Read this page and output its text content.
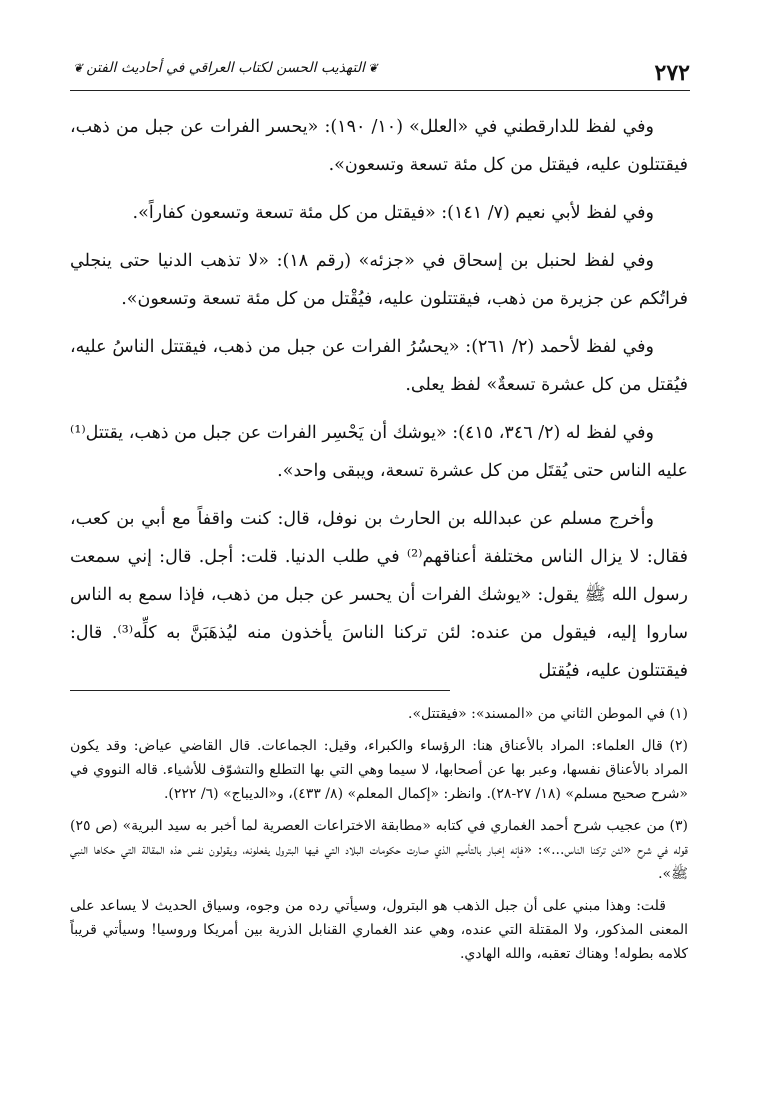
٢٧٢
❦التهذيب الحسن لكتاب العراقي في أحاديث الفتن❦

وفي لفظ للدارقطني في «العلل» (١٠/ ١٩٠): «يحسر الفرات عن جبل من ذهب، فيقتتلون عليه، فيقتل من كل مئة تسعة وتسعون».

وفي لفظ لأبي نعيم (٧/ ١٤١): «فيقتل من كل مئة تسعة وتسعون كفاراً».

وفي لفظ لحنبل بن إسحاق في «جزئه» (رقم ١٨): «لا تذهب الدنيا حتى ينجلي فراتُكم عن جزيرة من ذهب، فيقتتلون عليه، فيُقْتل من كل مئة تسعة وتسعون».

وفي لفظ لأحمد (٢/ ٢٦١): «يحسُرُ الفرات عن جبل من ذهب، فيقتتل الناسُ عليه، فيُقتل من كل عشرة تسعةٌ» لفظ يعلى.

وفي لفظ له (٢/ ٣٤٦، ٤١٥): «يوشك أن يَحْسِر الفرات عن جبل من ذهب، يقتتل⁽¹⁾ عليه الناس حتى يُقتَل من كل عشرة تسعة، ويبقى واحد».

وأخرج مسلم عن عبدالله بن الحارث بن نوفل، قال: كنت واقفاً مع أبي بن كعب، فقال: لا يزال الناس مختلفة أعناقهم⁽²⁾ في طلب الدنيا. قلت: أجل. قال: إني سمعت رسول الله ﷺ يقول: «يوشك الفرات أن يحسر عن جبل من ذهب، فإذا سمع به الناس ساروا إليه، فيقول من عنده: لئن تركنا الناسَ يأخذون منه ليُذهَبَنَّ به كلِّه⁽³⁾. قال: فيقتتلون عليه، فيُقتل

(١) في الموطن الثاني من «المسند»: «فيقتتل».

(٢) قال العلماء: المراد بالأعناق هنا: الرؤساء والكبراء، وقيل: الجماعات. قال القاضي عياض: وقد يكون المراد بالأعناق نفسها، وعبر بها عن أصحابها، لا سيما وهي التي بها التطلع والتشوّف للأشياء. قاله النووي في «شرح صحيح مسلم» (١٨/ ٢٧-٢٨). وانظر: «إكمال المعلم» (٨/ ٤٣٣)، و«الديباج» (٦/ ٢٢٢).

(٣) من عجيب شرح أحمد الغماري في كتابه «مطابقة الاختراعات العصرية لما أخبر به سيد البرية» (ص ٢٥) قوله في شرح «لئن تركنا الناس...»: «فإنه إخبار بالتأميم الذي صارت حكومات البلاد التي فيها البترول يفعلونه، ويقولون نفس هذه المقالة التي حكاها النبي ﷺ».

قلت: وهذا مبني على أن جبل الذهب هو البترول، وسيأتي رده من وجوه، وسياق الحديث لا يساعد على المعنى المذكور، ولا المقتلة التي عنده، وهي عند الغماري القنابل الذرية بين أمريكا وروسيا! وسيأتي قريباً كلامه بطوله! وهناك تعقبه، والله الهادي.
